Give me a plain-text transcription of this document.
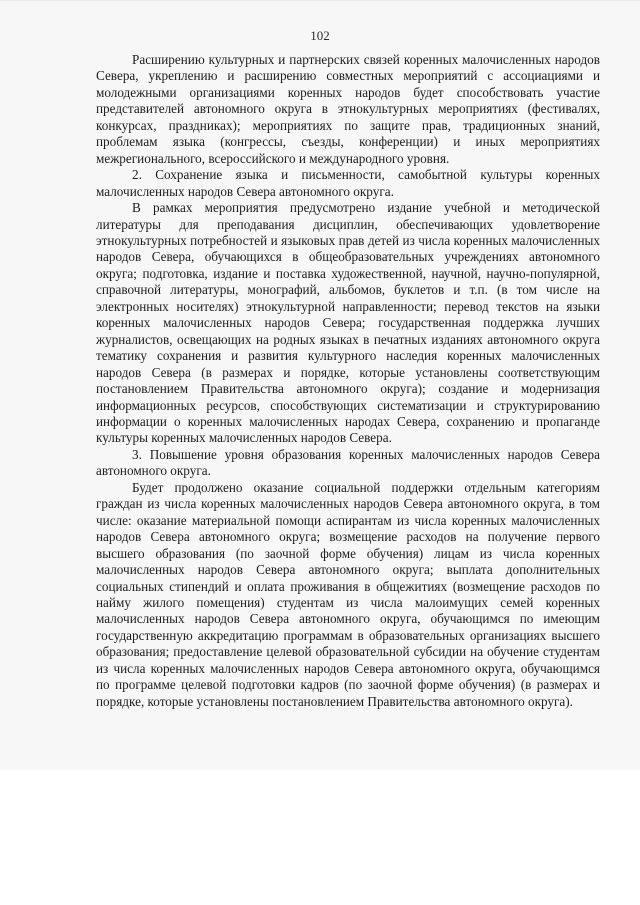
102

Расширению культурных и партнерских связей коренных малочисленных народов Севера, укреплению и расширению совместных мероприятий с ассоциациями и молодежными организациями коренных народов будет способствовать участие представителей автономного округа в этнокультурных мероприятиях (фестивалях, конкурсах, праздниках); мероприятиях по защите прав, традиционных знаний, проблемам языка (конгрессы, съезды, конференции) и иных мероприятиях межрегионального, всероссийского и международного уровня.

2. Сохранение языка и письменности, самобытной культуры коренных малочисленных народов Севера автономного округа.

В рамках мероприятия предусмотрено издание учебной и методической литературы для преподавания дисциплин, обеспечивающих удовлетворение этнокультурных потребностей и языковых прав детей из числа коренных малочисленных народов Севера, обучающихся в общеобразовательных учреждениях автономного округа; подготовка, издание и поставка художественной, научной, научно-популярной, справочной литературы, монографий, альбомов, буклетов и т.п. (в том числе на электронных носителях) этнокультурной направленности; перевод текстов на языки коренных малочисленных народов Севера; государственная поддержка лучших журналистов, освещающих на родных языках в печатных изданиях автономного округа тематику сохранения и развития культурного наследия коренных малочисленных народов Севера (в размерах и порядке, которые установлены соответствующим постановлением Правительства автономного округа); создание и модернизация информационных ресурсов, способствующих систематизации и структурированию информации о коренных малочисленных народах Севера, сохранению и пропаганде культуры коренных малочисленных народов Севера.

3. Повышение уровня образования коренных малочисленных народов Севера автономного округа.

Будет продолжено оказание социальной поддержки отдельным категориям граждан из числа коренных малочисленных народов Севера автономного округа, в том числе: оказание материальной помощи аспирантам из числа коренных малочисленных народов Севера автономного округа; возмещение расходов на получение первого высшего образования (по заочной форме обучения) лицам из числа коренных малочисленных народов Севера автономного округа; выплата дополнительных социальных стипендий и оплата проживания в общежитиях (возмещение расходов по найму жилого помещения) студентам из числа малоимущих семей коренных малочисленных народов Севера автономного округа, обучающимся по имеющим государственную аккредитацию программам в образовательных организациях высшего образования; предоставление целевой образовательной субсидии на обучение студентам из числа коренных малочисленных народов Севера автономного округа, обучающимся по программе целевой подготовки кадров (по заочной форме обучения) (в размерах и порядке, которые установлены постановлением Правительства автономного округа).
